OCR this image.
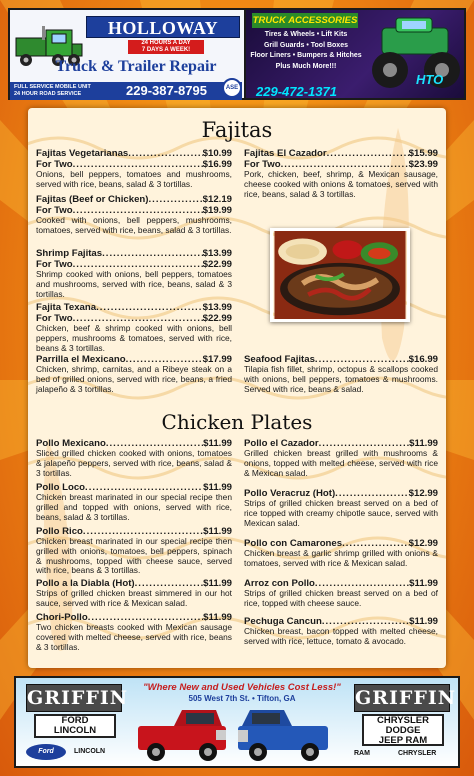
HOLLOWAY
24 HOURS A DAY
7 DAYS A WEEK!
Truck & Trailer Repair
FULL SERVICE MOBILE UNIT
24 HOUR ROAD SERVICE	229-387-8795	ASE
TRUCK ACCESSORIES
Tires & Wheels • Lift Kits
Grill Guards • Tool Boxes
Floor Liners • Bumpers & Hitches
Plus Much More!!!
229-472-1371
HTO
Fajitas
Fajitas Vegetarianas .....	$10.99
For Two .....	$16.99
Onions, bell peppers, tomatoes and mushrooms, served with rice, beans, salad & 3 tortillas.
Fajitas (Beef or Chicken) .....	$12.19
For Two .....	$19.99
Cooked with onions, bell peppers, mushrooms, tomatoes, served with rice, beans, salad & 3 tortillas.
Shrimp Fajitas .....	$13.99
For Two .....	$22.99
Shrimp cooked with onions, bell peppers, tomatoes and mushrooms, served with rice, beans, salad & 3 tortillas.
Fajita Texana .....	$13.99
For Two .....	$22.99
Chicken, beef & shrimp cooked with onions, bell peppers, mushrooms & tomatoes, served with rice, beans & 3 tortillas.
Parrilla el Mexicano .....	$17.99
Chicken, shrimp, carnitas, and a Ribeye steak on a bed of grilled onions, served with rice, beans, a fried jalapeño & 3 tortillas.
Fajitas El Cazador .....	$15.99
For Two .....	$23.99
Pork, chicken, beef, shrimp, & Mexican sausage, cheese cooked with onions & tomatoes, served with rice, beans, salad & 3 tortillas.
Seafood Fajitas .....	$16.99
Tilapia fish fillet, shrimp, octopus & scallops cooked with onions, bell peppers, tomatoes & mushrooms. Served with rice, beans & salad.
Chicken Plates
Pollo Mexicano .....	$11.99
Sliced grilled chicken cooked with onions, tomatoes & jalapeño peppers, served with rice, beans, salad & 3 tortillas.
Pollo Loco .....	$11.99
Chicken breast marinated in our special recipe then grilled and topped with onions, served with rice, beans, salad & 3 tortillas.
Pollo Rico .....	$11.99
Chicken breast marinated in our special recipe then grilled with onions, tomatoes, bell peppers, spinach & mushrooms, topped with cheese sauce, served with rice, beans & 3 tortillas.
Pollo a la Diabla (Hot) .....	$11.99
Strips of grilled chicken breast simmered in our hot sauce, served with rice & Mexican salad.
Chori-Pollo .....	$11.99
Two chicken breasts cooked with Mexican sausage covered with melted cheese, served with rice, beans & 3 tortillas.
Pollo el Cazador .....	$11.99
Grilled chicken breast grilled with mushrooms & onions, topped with melted cheese, served with rice & Mexican salad.
Pollo Veracruz (Hot) .....	$12.99
Strips of grilled chicken breast served on a bed of rice topped with creamy chipotle sauce, served with Mexican salad.
Pollo con Camarones .....	$12.99
Chicken breast & garlic shrimp grilled with onions & tomatoes, served with rice & Mexican salad.
Arroz con Pollo .....	$11.99
Strips of grilled chicken breast served on a bed of rice, topped with cheese sauce.
Pechuga Cancun .....	$11.99
Chicken breast, bacon topped with melted cheese, served with rice, lettuce, tomato & avocado.
GRIFFIN
FORD
LINCOLN
Ford	LINCOLN
"Where New and Used Vehicles Cost Less!"
505 West 7th St. • Tifton, GA	GRIFFIN
CHRYSLER
DODGE
JEEP RAM
RAM	CHRYSLER
